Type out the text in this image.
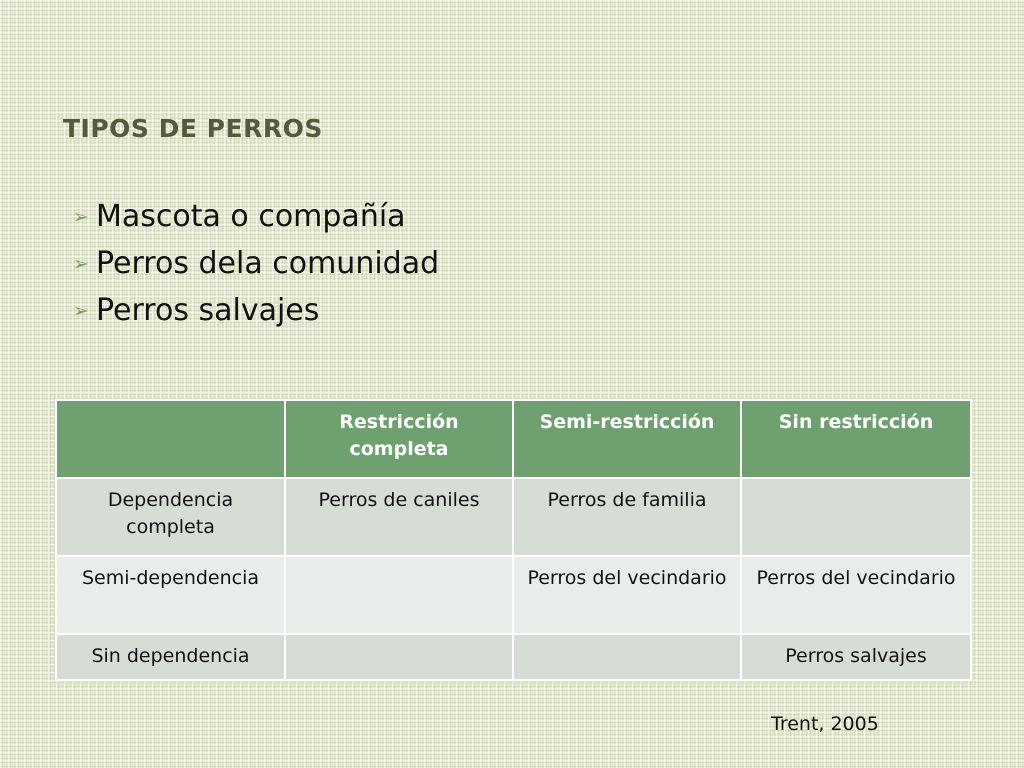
TIPOS DE PERROS
➢ Mascota o compañía
➢ Perros dela comunidad
➢ Perros salvajes
	Restricción completa	Semi-restricción	Sin restricción
Dependencia completa	Perros de caniles	Perros de familia	
Semi-dependencia		Perros del vecindario	Perros del vecindario
Sin dependencia			Perros salvajes
Trent, 2005
